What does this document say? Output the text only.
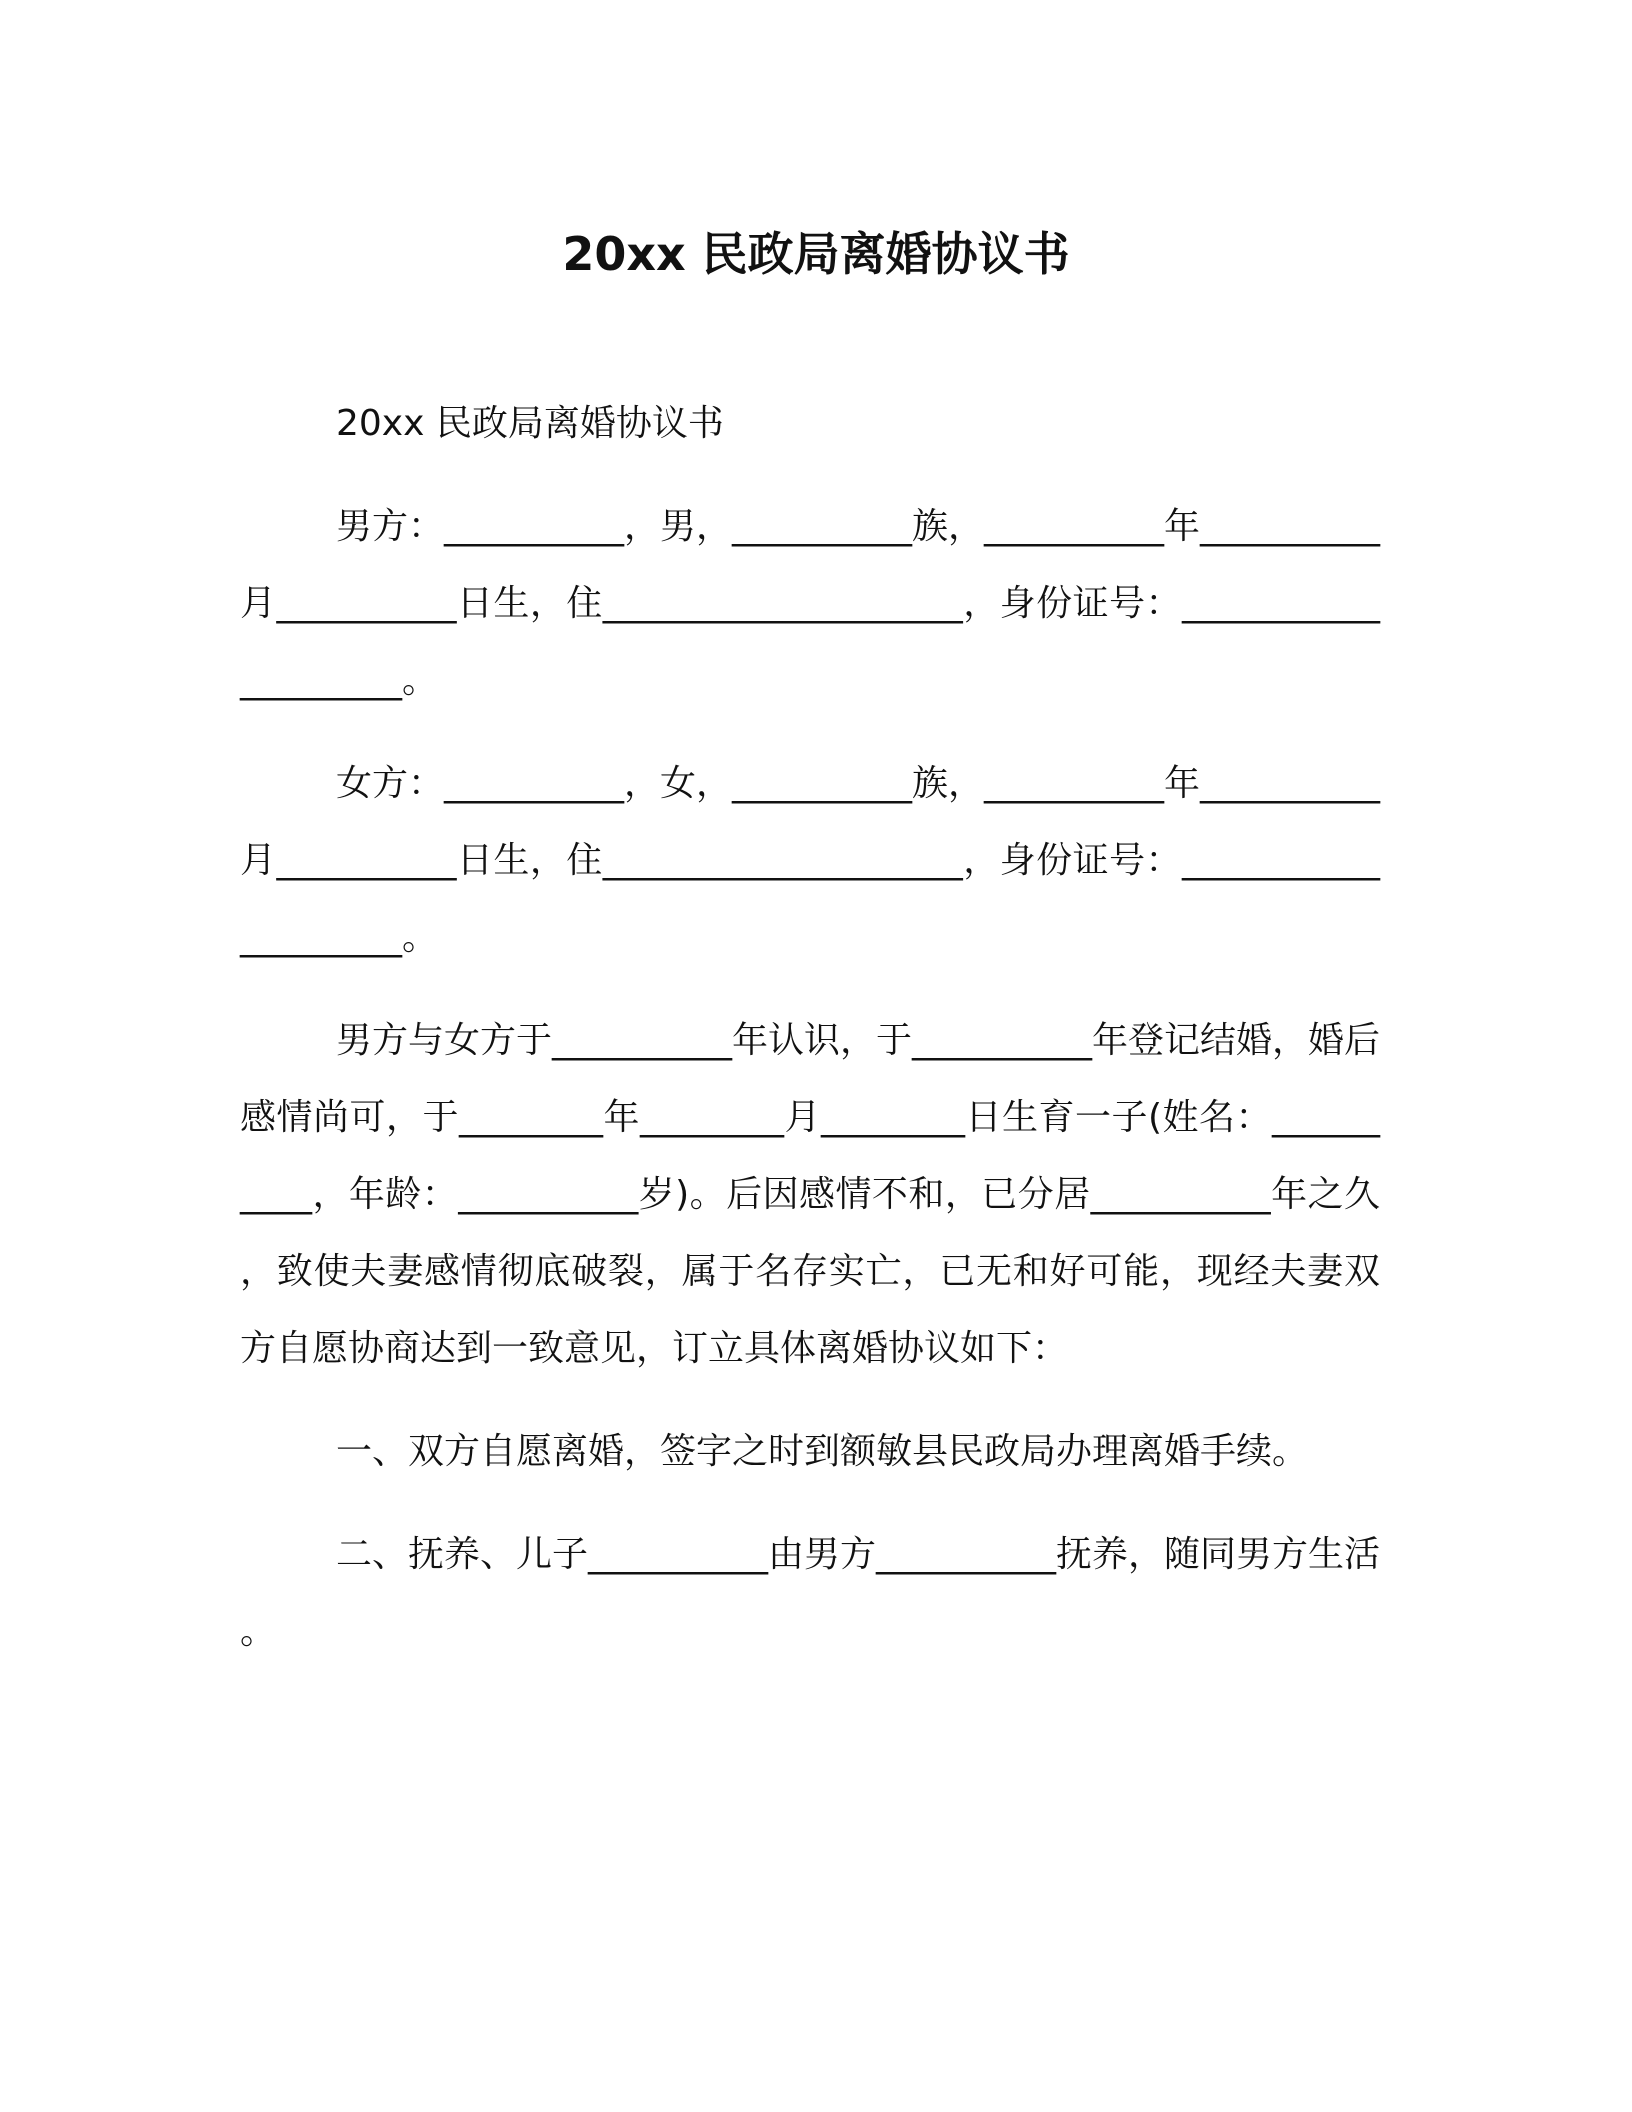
20xx 民政局离婚协议书

20xx 民政局离婚协议书

男方：__________，男，__________族，__________年__________月__________日生，住____________________，身份证号：____________________。

女方：__________，女，__________族，__________年__________月__________日生，住____________________，身份证号：____________________。

男方与女方于__________年认识，于__________年登记结婚，婚后感情尚可，于________年________月________日生育一子(姓名：__________，年龄：__________岁)。后因感情不和，已分居__________年之久，致使夫妻感情彻底破裂，属于名存实亡，已无和好可能，现经夫妻双方自愿协商达到一致意见，订立具体离婚协议如下：

一、双方自愿离婚，签字之时到额敏县民政局办理离婚手续。

二、抚养、儿子__________由男方__________抚养，随同男方生活。
